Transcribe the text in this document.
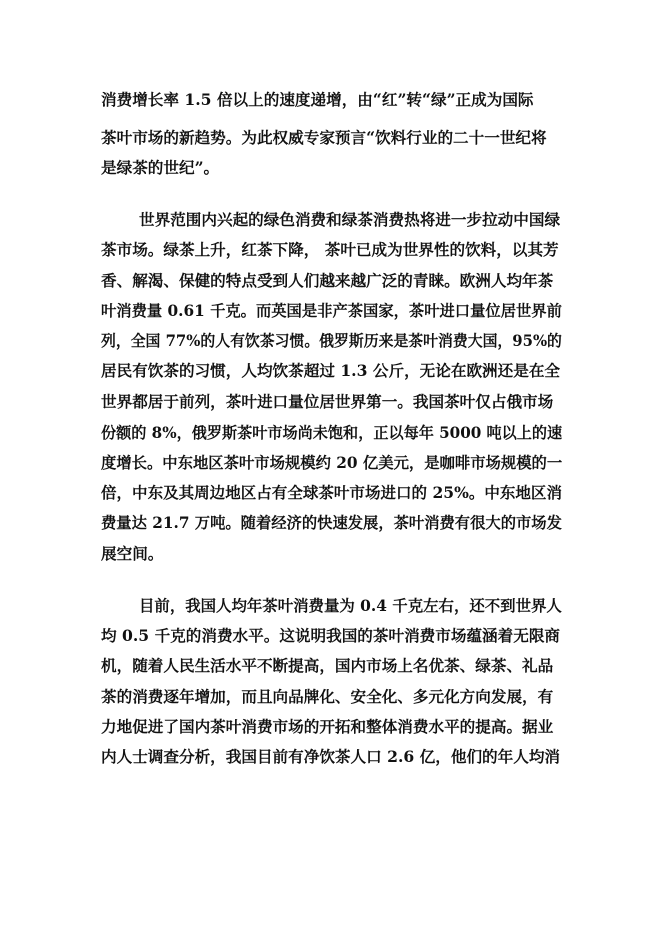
消费增长率 1.5 倍以上的速度递增，由“红”转“绿”正成为国际
茶叶市场的新趋势。为此权威专家预言“饮料行业的二十一世纪将
是绿茶的世纪”。
世界范围内兴起的绿色消费和绿茶消费热将进一步拉动中国绿
茶市场。绿茶上升，红茶下降， 茶叶已成为世界性的饮料，以其芳
香、解渴、保健的特点受到人们越来越广泛的青睐。欧洲人均年茶
叶消费量 0.61 千克。而英国是非产茶国家，茶叶进口量位居世界前
列，全国 77%的人有饮茶习惯。俄罗斯历来是茶叶消费大国，95%的
居民有饮茶的习惯，人均饮茶超过 1.3 公斤，无论在欧洲还是在全
世界都居于前列，茶叶进口量位居世界第一。我国茶叶仅占俄市场
份额的 8%，俄罗斯茶叶市场尚未饱和，正以每年 5000 吨以上的速
度增长。中东地区茶叶市场规模约 20 亿美元，是咖啡市场规模的一
倍，中东及其周边地区占有全球茶叶市场进口的 25%。中东地区消
费量达 21.7 万吨。随着经济的快速发展，茶叶消费有很大的市场发
展空间。
目前，我国人均年茶叶消费量为 0.4 千克左右，还不到世界人
均 0.5 千克的消费水平。这说明我国的茶叶消费市场蕴涵着无限商
机，随着人民生活水平不断提高，国内市场上名优茶、绿茶、礼品
茶的消费逐年增加，而且向品牌化、安全化、多元化方向发展，有
力地促进了国内茶叶消费市场的开拓和整体消费水平的提高。据业
内人士调查分析，我国目前有净饮茶人口 2.6 亿，他们的年人均消
